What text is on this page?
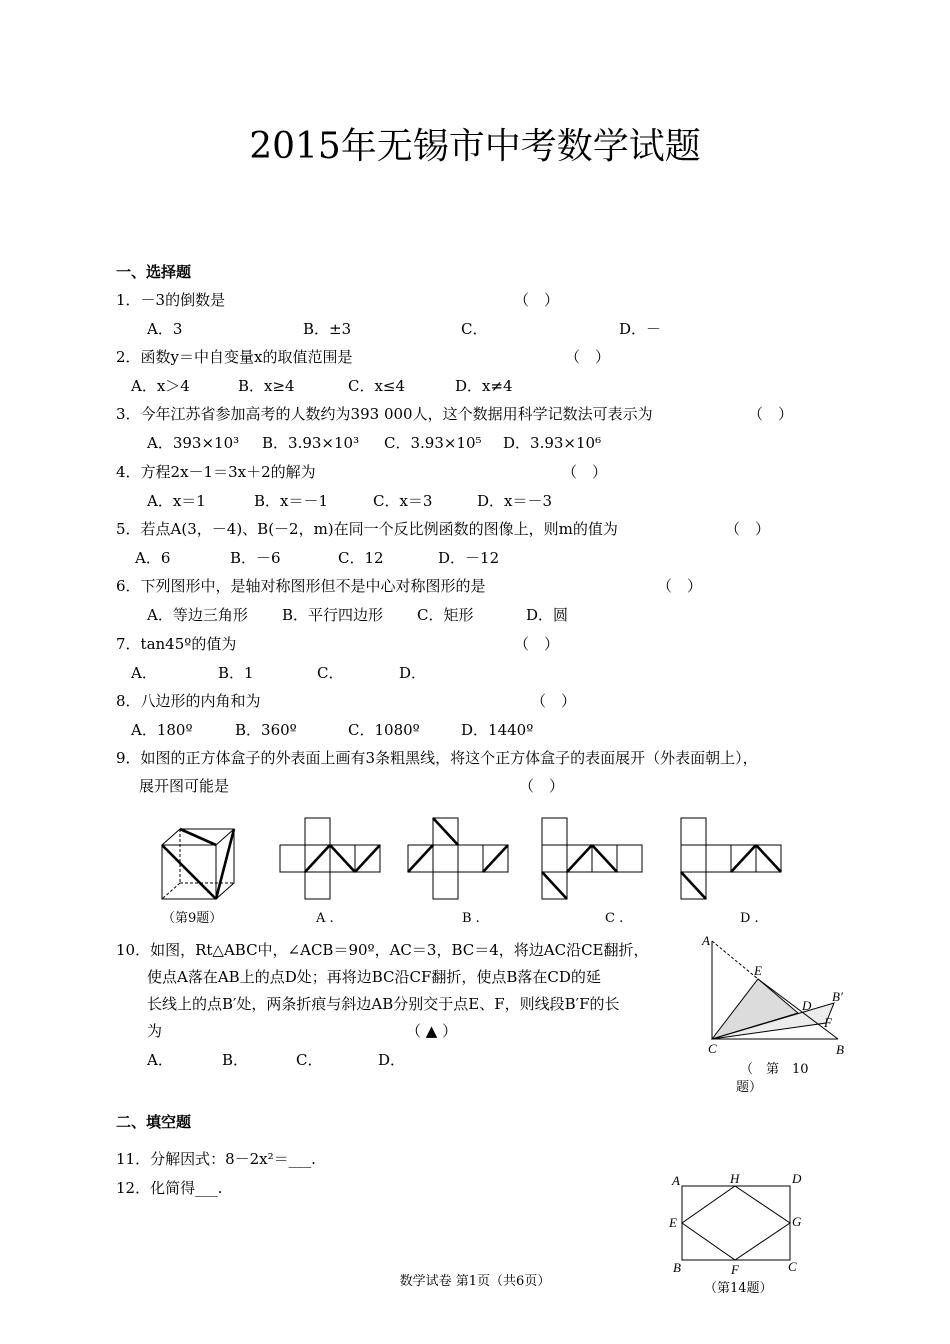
2015年无锡市中考数学试题
一、选择题
1．－3的倒数是	（　）
A．3	B．±3	C．	D．－
2．函数y＝中自变量x的取值范围是	（　）
A．x＞4	B．x≥4	C．x≤4	D．x≠4
3．今年江苏省参加高考的人数约为393 000人，这个数据用科学记数法可表示为	（　）
A．393×10³ B．3.93×10³ C．3.93×10⁵ D．3.93×10⁶
4．方程2x－1＝3x＋2的解为	（　）
A．x＝1	B．x＝－1	C．x＝3	D．x＝－3
5．若点A(3，－4)、B(－2，m)在同一个反比例函数的图像上，则m的值为	（　）
A．6	B．－6	C．12	D．－12
6．下列图形中，是轴对称图形但不是中心对称图形的是	（　）
A．等边三角形 B．平行四边形 C．矩形	D．圆
7．tan45º的值为	（　）
A．	B．1	C．	D．
8．八边形的内角和为	（　）
A．180º	B．360º	C．1080º	D．1440º
9．如图的正方体盒子的外表面上画有3条粗黑线，将这个正方体盒子的表面展开（外表面朝上），
展开图可能是	（　）
（第9题）	A .	B .	C .	D .
10．如图，Rt△ABC中，∠ACB＝90º，AC＝3，BC＝4，将边AC沿CE翻折，
使点A落在AB上的点D处；再将边BC沿CF翻折，使点B落在CD的延
长线上的点B′处，两条折痕与斜边AB分别交于点E、F，则线段B′F的长
为	（ ▲ ）
A．	B．	C．	D．
A
E
D
B′
F
C	B
（　第　10
题）
二、填空题
11．分解因式：8－2x²＝___.
12．化简得___.	A	H	D
E	G
B	F	C
（第14题）
数学试卷 第1页（共6页）
